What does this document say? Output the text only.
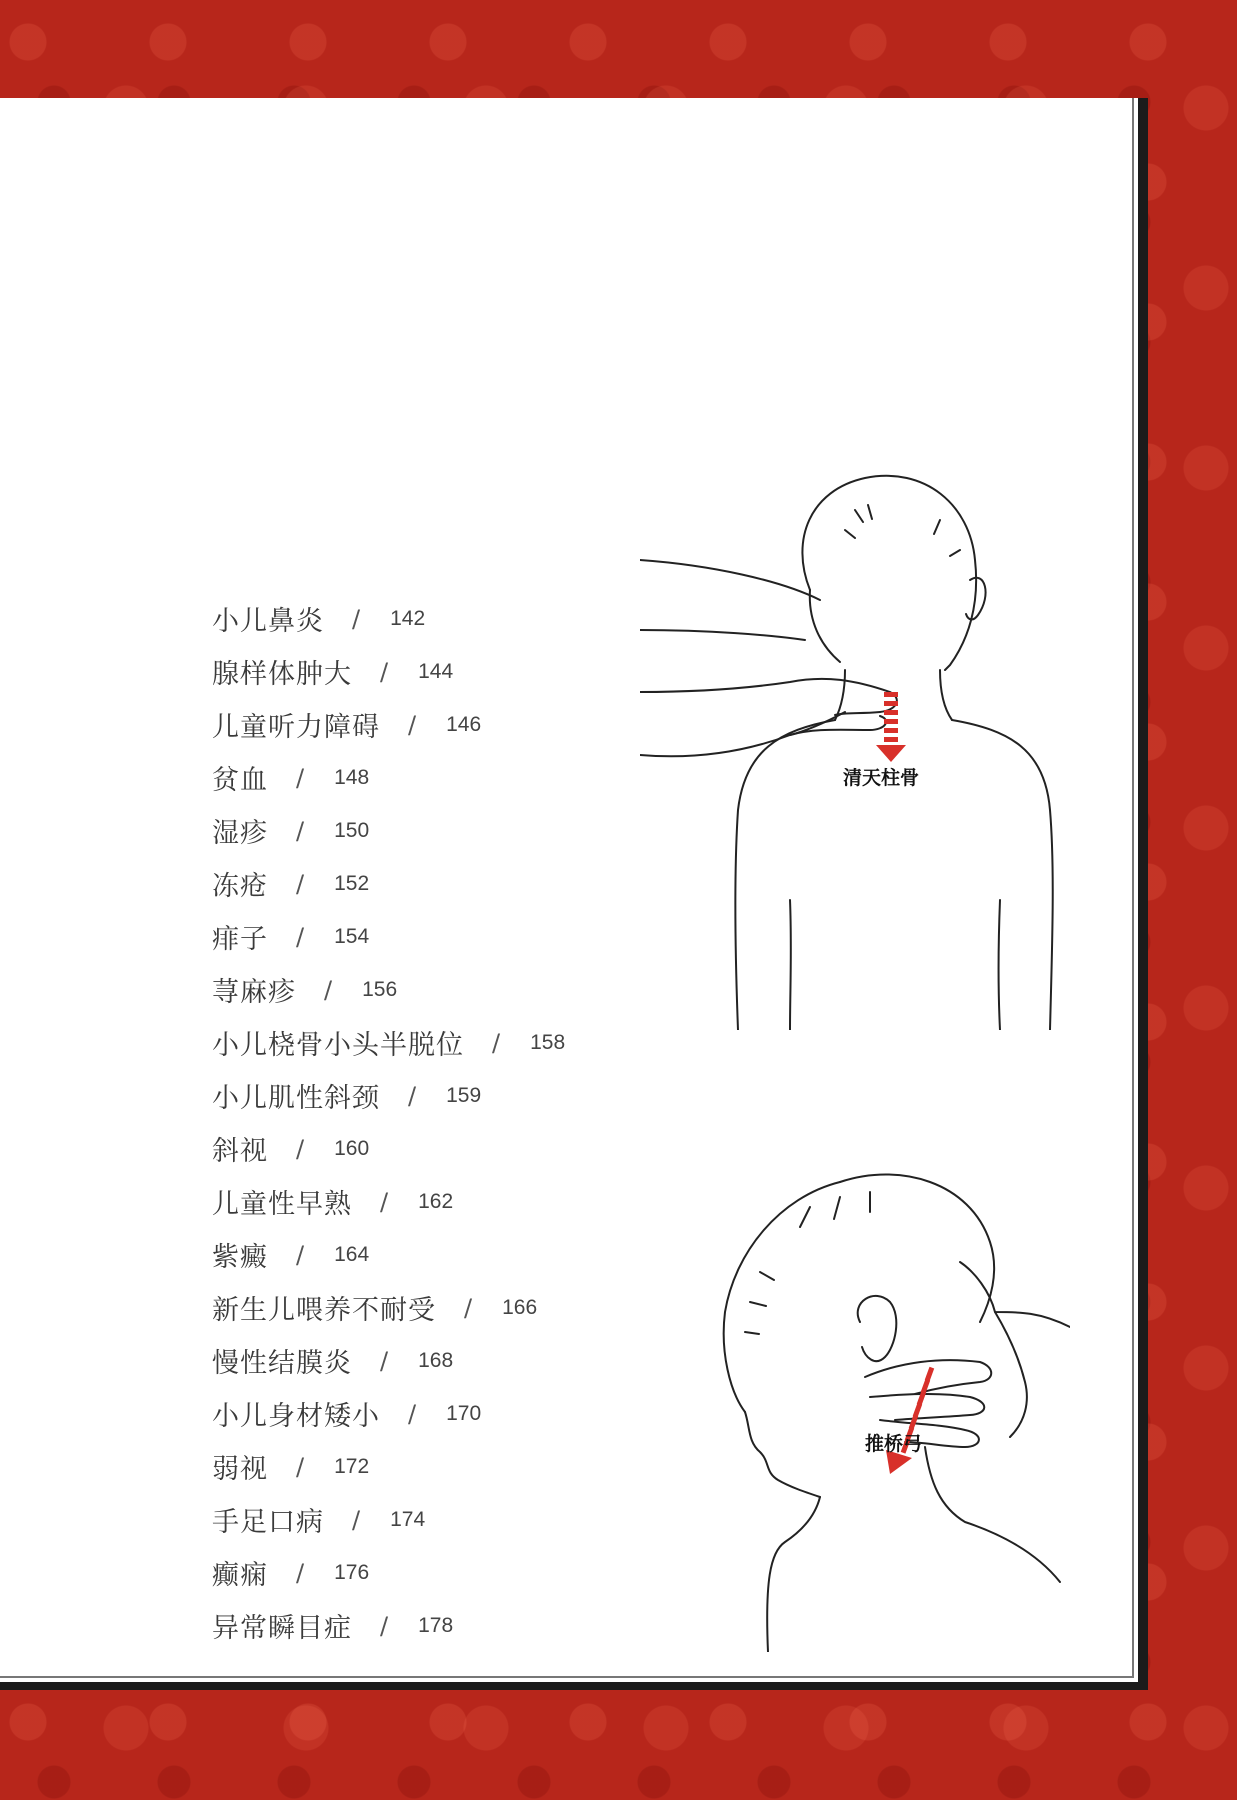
小儿鼻炎 / 142
腺样体肿大 / 144
儿童听力障碍 / 146
贫血 / 148
湿疹 / 150
冻疮 / 152
痱子 / 154
荨麻疹 / 156
小儿桡骨小头半脱位 / 158
小儿肌性斜颈 / 159
斜视 / 160
儿童性早熟 / 162
紫癜 / 164
新生儿喂养不耐受 / 166
慢性结膜炎 / 168
小儿身材矮小 / 170
弱视 / 172
手足口病 / 174
癫痫 / 176
异常瞬目症 / 178
清天柱骨
推桥弓
